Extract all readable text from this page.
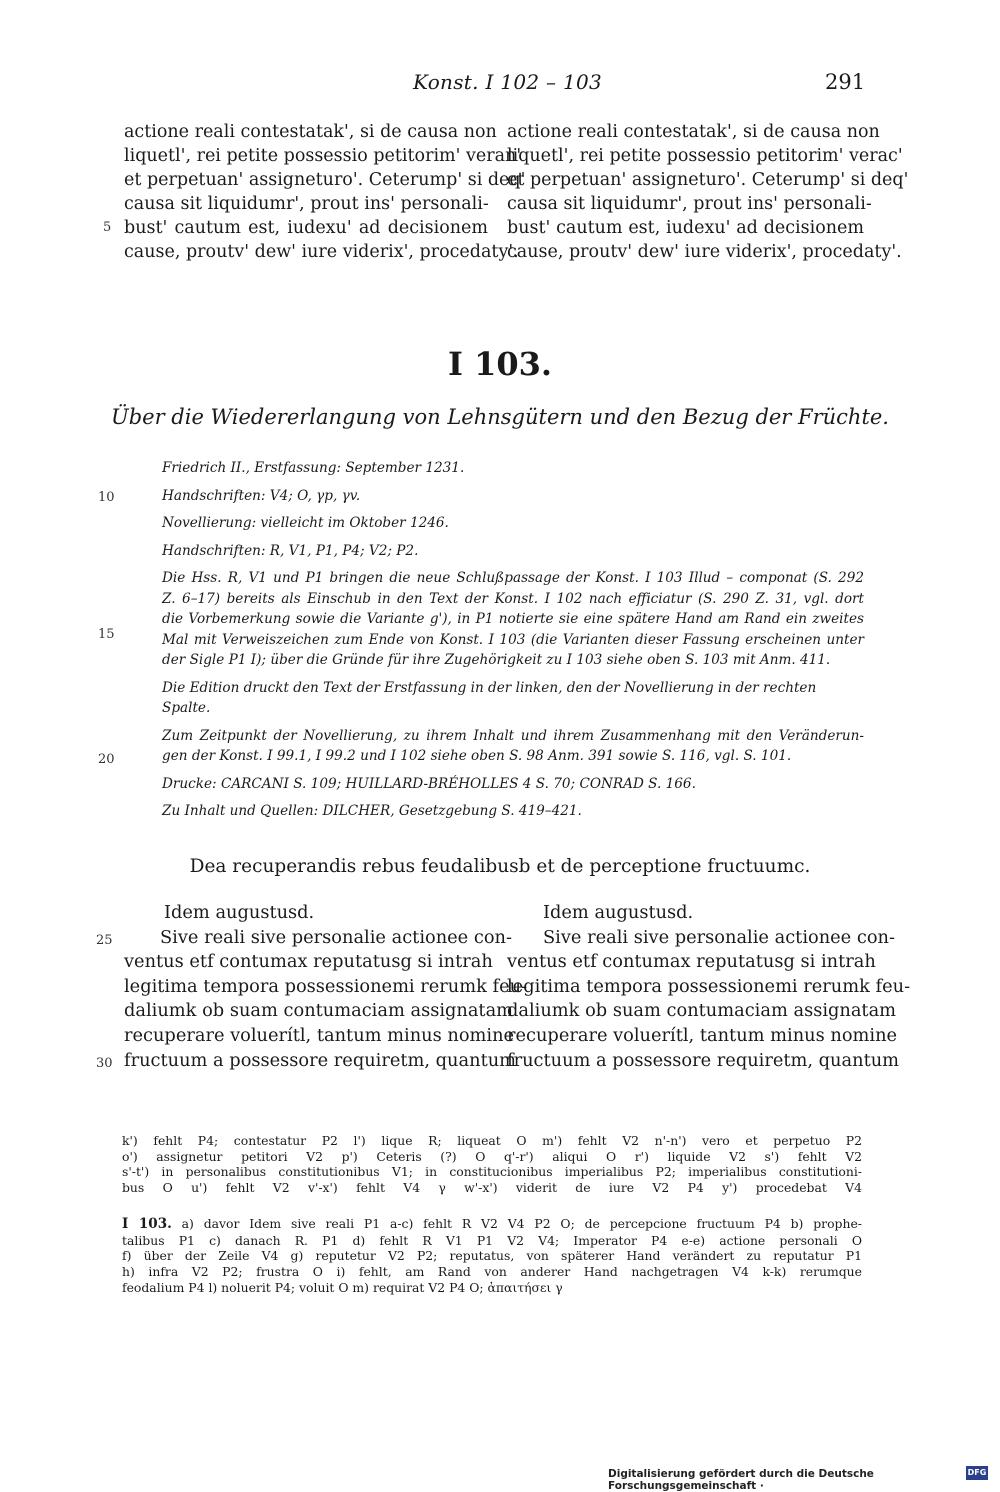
Konst. I 102 – 103	291
actione reali contestatak', si de causa non
liquetl', rei petite possessio petitorim' veran'
et perpetuan' assigneturo'. Ceterump' si deq'
causa sit liquidumr', prout ins' personali-
bust' cautum est, iudexu' ad decisionem
cause, proutv' dew' iure viderix', procedaty'.
actione reali contestatak', si de causa non
liquetl', rei petite possessio petitorim' verac'
et perpetuan' assigneturo'. Ceterump' si deq'
causa sit liquidumr', prout ins' personali-
bust' cautum est, iudexu' ad decisionem
cause, proutv' dew' iure viderix', procedaty'.
5
I 103.
Über die Wiedererlangung von Lehnsgütern und den Bezug der Früchte.

Friedrich II., Erstfassung: September 1231.

Handschriften: V4; O, γp, γv.

Novellierung: vielleicht im Oktober 1246.

Handschriften: R, V1, P1, P4; V2; P2.

Die Hss. R, V1 und P1 bringen die neue Schlußpassage der Konst. I 103 Illud – componat (S. 292

Z. 6–17) bereits als Einschub in den Text der Konst. I 102 nach efficiatur (S. 290 Z. 31, vgl. dort

die Vorbemerkung sowie die Variante g'), in P1 notierte sie eine spätere Hand am Rand ein zweites

Mal mit Verweiszeichen zum Ende von Konst. I 103 (die Varianten dieser Fassung erscheinen unter

der Sigle P1 I); über die Gründe für ihre Zugehörigkeit zu I 103 siehe oben S. 103 mit Anm. 411.

Die Edition druckt den Text der Erstfassung in der linken, den der Novellierung in der rechten Spalte.

Zum Zeitpunkt der Novellierung, zu ihrem Inhalt und ihrem Zusammenhang mit den Veränderun-

gen der Konst. I 99.1, I 99.2 und I 102 siehe oben S. 98 Anm. 391 sowie S. 116, vgl. S. 101.

Drucke: CARCANI S. 109; HUILLARD-BRÉHOLLES 4 S. 70; CONRAD S. 166.

Zu Inhalt und Quellen: DILCHER, Gesetzgebung S. 419–421.

10
15
20
Dea recuperandis rebus feudalibusb et de perceptione fructuumc.
Idem augustusd.
Sive reali sive personalie actionee con-
ventus etf contumax reputatusg si intrah
legitima tempora possessionemi rerumk feu-
daliumk ob suam contumaciam assignatam
recuperare voluerítl, tantum minus nomine
fructuum a possessore requiretm, quantum
Idem augustusd.
Sive reali sive personalie actionee con-
ventus etf contumax reputatusg si intrah
legitima tempora possessionemi rerumk feu-
daliumk ob suam contumaciam assignatam
recuperare voluerítl, tantum minus nomine
fructuum a possessore requiretm, quantum
25
30
k') fehlt P4; contestatur P2 l') lique R; liqueat O m') fehlt V2 n'-n') vero et perpetuo P2
o') assignetur petitori V2 p') Ceteris (?) O q'-r') aliqui O r') liquide V2 s') fehlt V2
s'-t') in personalibus constitutionibus V1; in constitucionibus imperialibus P2; imperialibus constitutioni-
bus O u') fehlt V2 v'-x') fehlt V4 γ w'-x') viderit de iure V2 P4 y') procedebat V4
I 103. a) davor Idem sive reali P1 a-c) fehlt R V2 V4 P2 O; de percepcione fructuum P4 b) prophe-
talibus P1 c) danach R. P1 d) fehlt R V1 P1 V2 V4; Imperator P4 e-e) actione personali O
f) über der Zeile V4 g) reputetur V2 P2; reputatus, von späterer Hand verändert zu reputatur P1
h) infra V2 P2; frustra O i) fehlt, am Rand von anderer Hand nachgetragen V4 k-k) rerumque
feodalium P4 l) noluerit P4; voluit O m) requirat V2 P4 O; ἀπαιτήσει γ
Digitalisierung gefördert durch die Deutsche Forschungsgemeinschaft ·
DFG
